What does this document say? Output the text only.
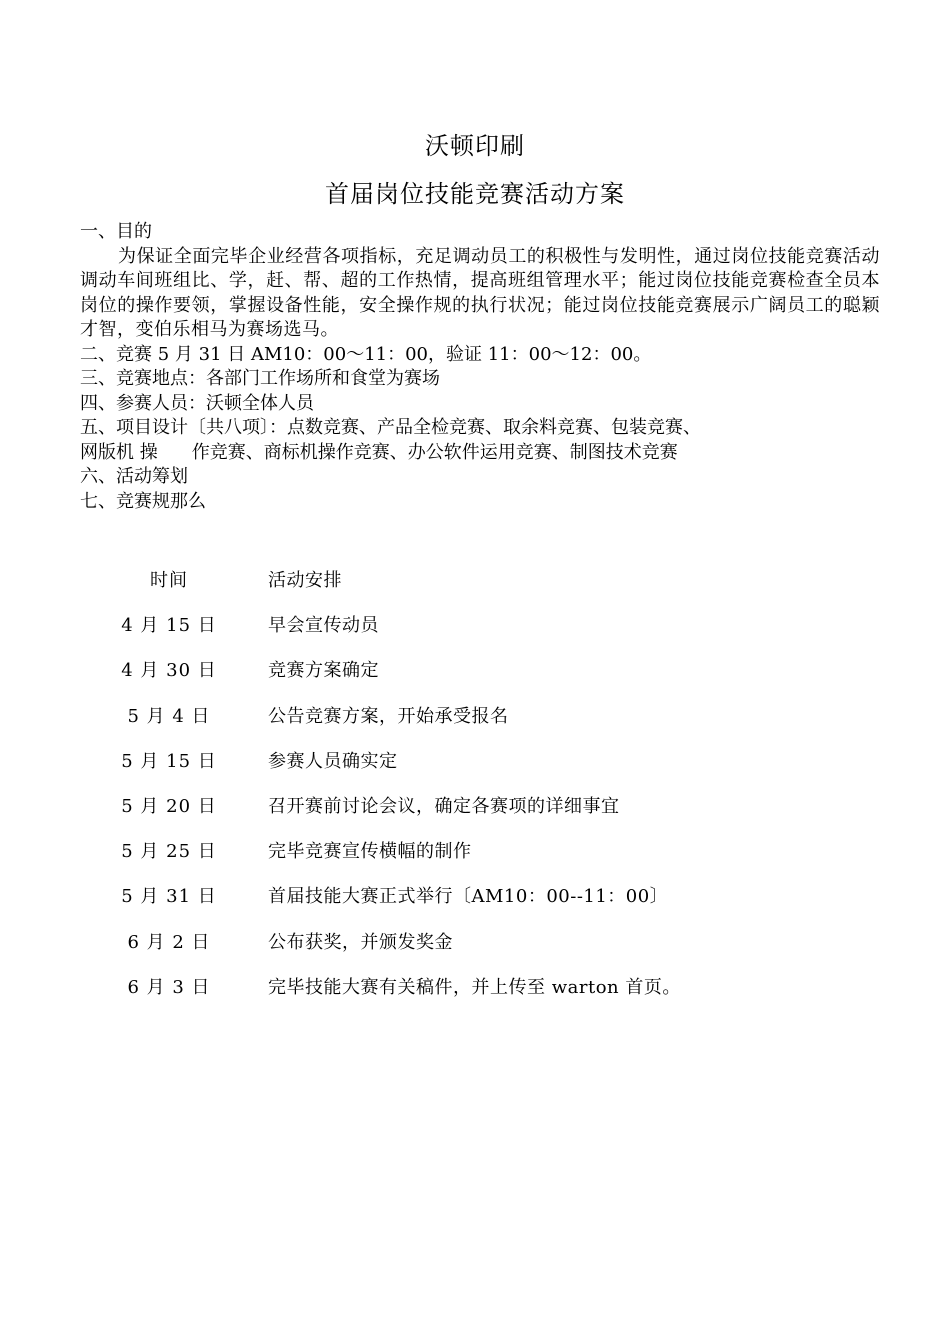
沃顿印刷
首届岗位技能竞赛活动方案
一、目的
为保证全面完毕企业经营各项指标，充足调动员工的积极性与发明性，通过岗位技能竞赛活动调动车间班组比、学，赶、帮、超的工作热情，提高班组管理水平；能过岗位技能竞赛检查全员本岗位的操作要领，掌握设备性能，安全操作规的执行状况；能过岗位技能竞赛展示广阔员工的聪颖才智，变伯乐相马为赛场选马。
二、竞赛 5 月 31 日 AM10：00～11：00，验证 11：00～12：00。
三、竞赛地点：各部门工作场所和食堂为赛场
四、参赛人员：沃顿全体人员
五、项目设计〔共八项〕：点数竞赛、产品全检竞赛、取余料竞赛、包装竞赛、
网版机 操 作竞赛、商标机操作竞赛、办公软件运用竞赛、制图技术竞赛
六、活动筹划
七、竞赛规那么
时间	活动安排
4 月 15 日	早会宣传动员
4 月 30 日	竞赛方案确定
5 月 4 日	公告竞赛方案，开始承受报名
5 月 15 日	参赛人员确实定
5 月 20 日	召开赛前讨论会议，确定各赛项的详细事宜
5 月 25 日	完毕竞赛宣传横幅的制作
5 月 31 日	首届技能大赛正式举行〔AM10：00--11：00〕
6 月 2 日	公布获奖，并颁发奖金
6 月 3 日	完毕技能大赛有关稿件，并上传至 warton 首页。
